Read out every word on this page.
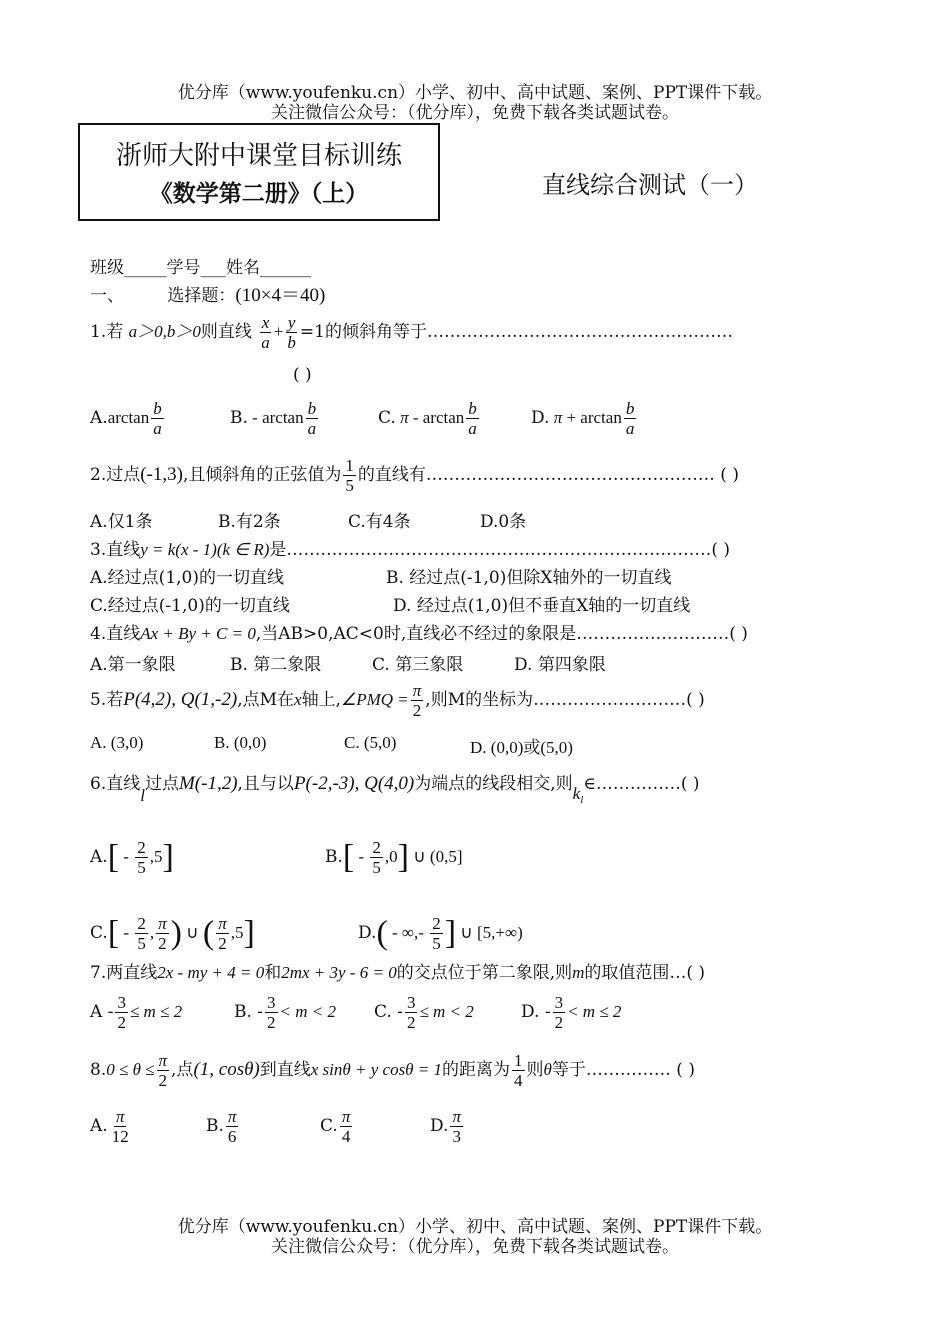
优分库（www.youfenku.cn）小学、初中、高中试题、案例、PPT课件下载。
关注微信公众号：（优分库），免费下载各类试题试卷。
浙师大附中课堂目标训练
《数学第二册》（上）	直线综合测试（一）
班级_____学号___姓名______
一、	选择题：(10×4＝40)
1.若 a＞0,b＞0则直线 $\frac{x}{a} + \frac{y}{b} =1$的倾斜角等于………………………………………………
( )
$A.\arctan \frac{b}{a}$	B. - $\arctan \frac{b}{a}$	C. π - $\arctan \frac{b}{a}$	D. $\pi + \arctan \frac{b}{a}$
2.过点(-1,3),且倾斜角的正弦值为 $\frac{1}{5}$ 的直线有…………………………………………… ( )
A.仅1条	B.有2条	C.有4条	D.0条
3.直线y = k(x - 1)(k ∈ R)是…………………………………………………………………( )
A.经过点(1,0)的一切直线	B. 经过点(-1,0)但除X轴外的一切直线
C.经过点(-1,0)的一切直线	D. 经过点(1,0)但不垂直X轴的一切直线
4.直线Ax + By + C = 0,当AB>0,AC<0时,直线必不经过的象限是………………………( )
A.第一象限	B. 第二象限	C. 第三象限	D. 第四象限
5.若P(4,2), Q(1,-2),点M在x轴上,∠PMQ = $\frac{\pi}{2}$ ,则M的坐标为………………………( )
A. (3,0)	B. (0,0)	C. (5,0)	D. (0,0)或(5,0)
6.直线l过点M(-1,2),且与以P(-2,-3), Q(4,0)为端点的线段相交,则$k_l\in\dots\dots\dots\dots\dots$( )
$A.[ - \frac{2}{5} ,5]$	$B.[ - \frac{2}{5} ,0]$ ∪ (0,5]
$C.[ - \frac{2}{5}$ , $\frac{\pi}{2}$ ) ∪ ( $\frac{\pi}{2} ,5$]	D.( - ∞,- $\frac{2}{5}$ ] ∪ [5,+∞)
7.两直线2x - my + 4 = 0和2mx + 3y - 6 = 0的交点位于第二象限,则m的取值范围…( )
$A - \frac{3}{2} \le m \le 2$	B. - $\frac{3}{2} < m < 2$ C. - $\frac{3}{2} \le m < 2$	D. - $\frac{3}{2} < m \le 2$
$8.0 \le \theta \le \frac{\pi}{2}$ ,点(1, cosθ)到直线x sinθ + y cosθ = 1的距离为 $\frac{1}{4}$ 则θ等于…………… ( )
A. $\frac{\pi}{12}$	B. $\frac{\pi}{6}$	C. $\frac{\pi}{4}$	D. $\frac{\pi}{3}$
优分库（www.youfenku.cn）小学、初中、高中试题、案例、PPT课件下载。
关注微信公众号：（优分库），免费下载各类试题试卷。
